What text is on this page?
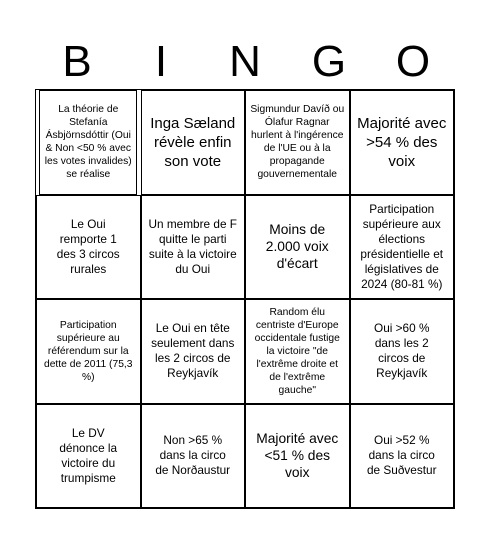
B	I	N	G	O
La théorie de Stefanía Ásbjörnsdóttir (Oui & Non <50 % avec les votes invalides) se réalise
Inga Sæland révèle enfin son vote
Sigmundur Davíð ou Ólafur Ragnar hurlent à l'ingérence de l'UE ou à la propagande gouvernementale
Majorité avec >54 % des voix
Le Oui remporte 1 des 3 circos rurales
Un membre de F quitte le parti suite à la victoire du Oui
Moins de 2.000 voix d'écart
Participation supérieure aux élections présidentielle et législatives de 2024 (80-81 %)
Participation supérieure au référendum sur la dette de 2011 (75,3 %)
Le Oui en tête seulement dans les 2 circos de Reykjavík
Random élu centriste d'Europe occidentale fustige la victoire "de l'extrême droite et de l'extrême gauche"
Oui >60 % dans les 2 circos de Reykjavík
Le DV dénonce la victoire du trumpisme
Non >65 % dans la circo de Norðaustur
Majorité avec <51 % des voix
Oui >52 % dans la circo de Suðvestur
